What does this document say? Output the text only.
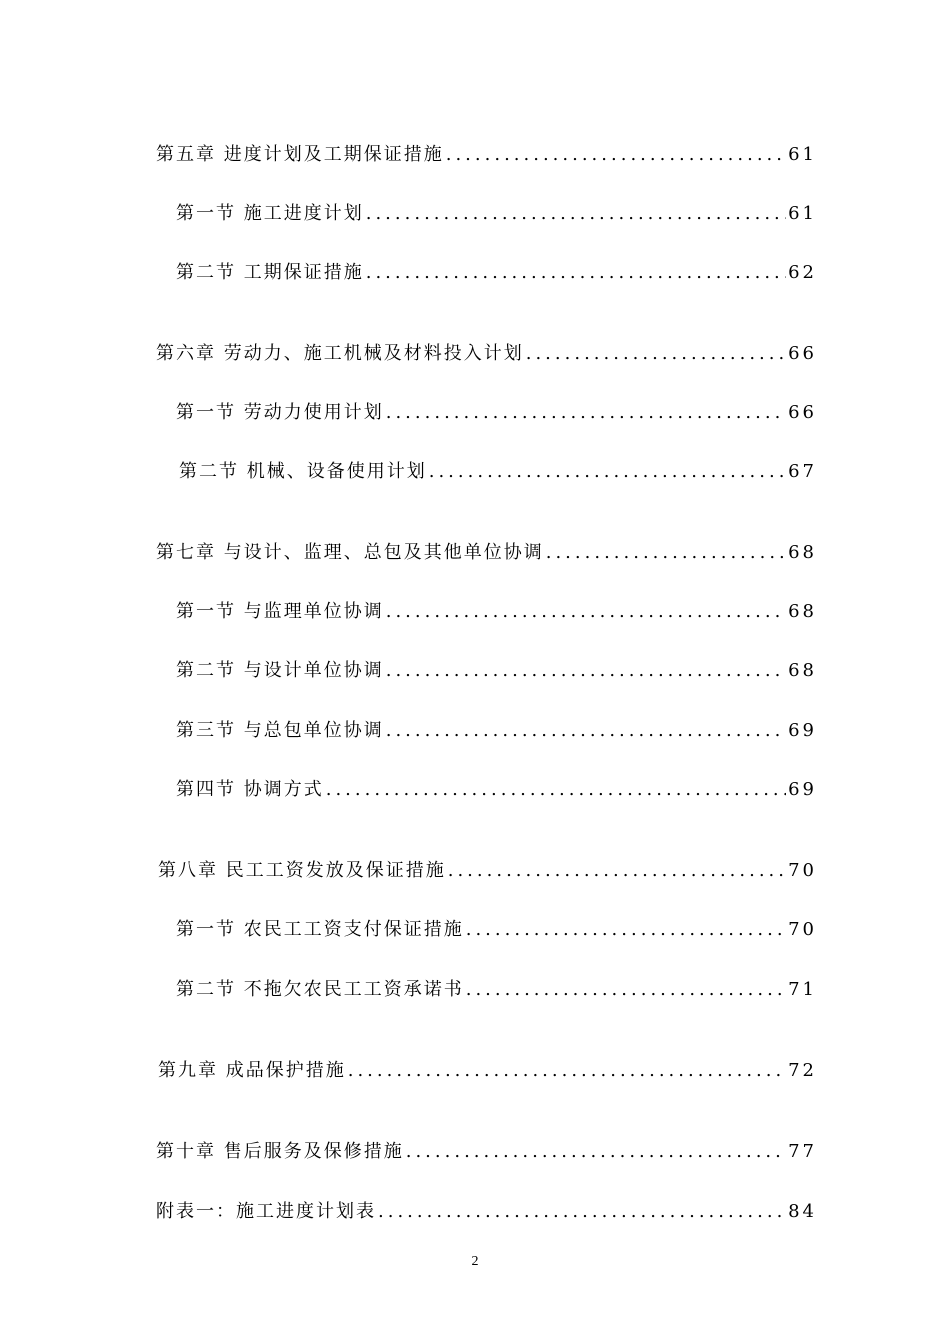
第五章 进度计划及工期保证措施 .....	61
第一节 施工进度计划 .....	61
第二节 工期保证措施 .....	62
第六章 劳动力、施工机械及材料投入计划 .....	66
第一节 劳动力使用计划 .....	66
第二节 机械、设备使用计划 .....	67
第七章 与设计、监理、总包及其他单位协调 .....	68
第一节 与监理单位协调 .....	68
第二节 与设计单位协调 .....	68
第三节 与总包单位协调 .....	69
第四节 协调方式 .....	69
第八章 民工工资发放及保证措施 .....	70
第一节 农民工工资支付保证措施 .....	70
第二节 不拖欠农民工工资承诺书 .....	71
第九章 成品保护措施 .....	72
第十章 售后服务及保修措施 .....	77
附表一：施工进度计划表 .....	84
2
